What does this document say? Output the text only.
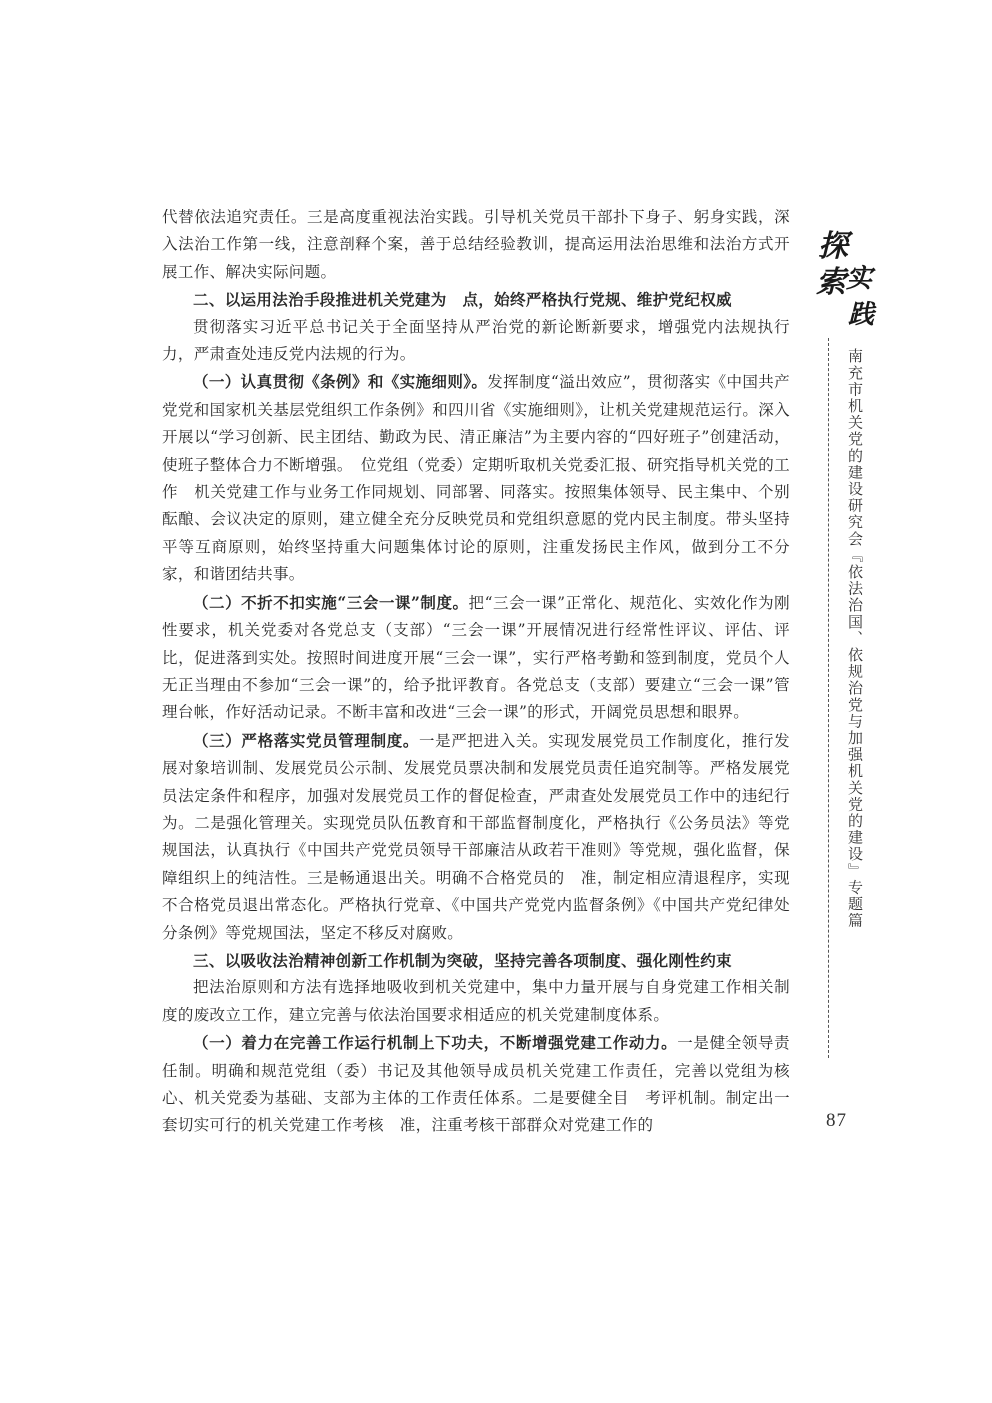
代替依法追究责任。三是高度重视法治实践。引导机关党员干部扑下身子、躬身实践，深入法治工作第一线，注意剖释个案，善于总结经验教训，提高运用法治思维和法治方式开展工作、解决实际问题。

二、以运用法治手段推进机关党建为　点，始终严格执行党规、维护党纪权威

贯彻落实习近平总书记关于全面坚持从严治党的新论断新要求，增强党内法规执行力，严肃查处违反党内法规的行为。

（一）认真贯彻《条例》和《实施细则》。发挥制度“溢出效应”，贯彻落实《中国共产党党和国家机关基层党组织工作条例》和四川省《实施细则》，让机关党建规范运行。深入开展以“学习创新、民主团结、勤政为民、清正廉洁”为主要内容的“四好班子”创建活动，使班子整体合力不断增强。　位党组（党委）定期听取机关党委汇报、研究指导机关党的工作　机关党建工作与业务工作同规划、同部署、同落实。按照集体领导、民主集中、个别酝酿、会议决定的原则，建立健全充分反映党员和党组织意愿的党内民主制度。带头坚持平等互商原则，始终坚持重大问题集体讨论的原则，注重发扬民主作风，做到分工不分家，和谐团结共事。

（二）不折不扣实施“三会一课”制度。把“三会一课”正常化、规范化、实效化作为刚性要求，机关党委对各党总支（支部）“三会一课”开展情况进行经常性评议、评估、评比，促进落到实处。按照时间进度开展“三会一课”，实行严格考勤和签到制度，党员个人无正当理由不参加“三会一课”的，给予批评教育。各党总支（支部）要建立“三会一课”管理台帐，作好活动记录。不断丰富和改进“三会一课”的形式，开阔党员思想和眼界。

（三）严格落实党员管理制度。一是严把进入关。实现发展党员工作制度化，推行发展对象培训制、发展党员公示制、发展党员票决制和发展党员责任追究制等。严格发展党员法定条件和程序，加强对发展党员工作的督促检查，严肃查处发展党员工作中的违纪行为。二是强化管理关。实现党员队伍教育和干部监督制度化，严格执行《公务员法》等党规国法，认真执行《中国共产党党员领导干部廉洁从政若干准则》等党规，强化监督，保障组织上的纯洁性。三是畅通退出关。明确不合格党员的　准，制定相应清退程序，实现不合格党员退出常态化。严格执行党章、《中国共产党党内监督条例》《中国共产党纪律处分条例》等党规国法，坚定不移反对腐败。

三、以吸收法治精神创新工作机制为突破，坚持完善各项制度、强化刚性约束

把法治原则和方法有选择地吸收到机关党建中，集中力量开展与自身党建工作相关制度的废改立工作，建立完善与依法治国要求相适应的机关党建制度体系。

（一）着力在完善工作运行机制上下功夫，不断增强党建工作动力。一是健全领导责任制。明确和规范党组（委）书记及其他领导成员机关党建工作责任，完善以党组为核心、机关党委为基础、支部为主体的工作责任体系。二是要健全目　考评机制。制定出一套切实可行的机关党建工作考核　准，注重考核干部群众对党建工作的

探
索 实
践
南充市机关党的建设研究会『依法治国、依规治党与加强机关党的建设』专题篇
87
